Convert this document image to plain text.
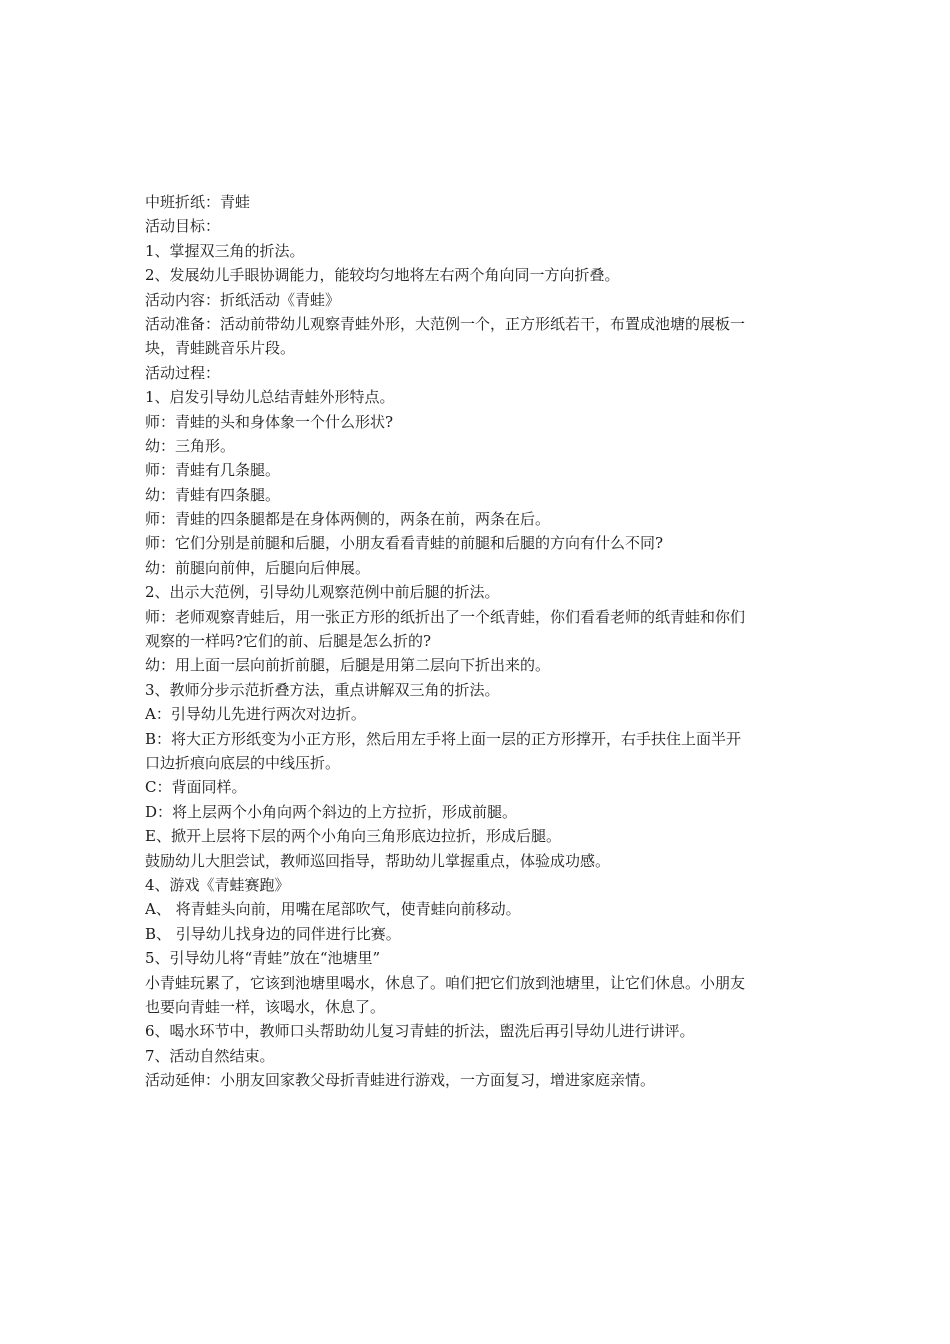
中班折纸：青蛙
活动目标：
1、掌握双三角的折法。
2、发展幼儿手眼协调能力，能较均匀地将左右两个角向同一方向折叠。
活动内容：折纸活动《青蛙》
活动准备：活动前带幼儿观察青蛙外形，大范例一个，正方形纸若干，布置成池塘的展板一
块，青蛙跳音乐片段。
活动过程：
1、启发引导幼儿总结青蛙外形特点。
师：青蛙的头和身体象一个什么形状?
幼：三角形。
师：青蛙有几条腿。
幼：青蛙有四条腿。
师：青蛙的四条腿都是在身体两侧的，两条在前，两条在后。
师：它们分别是前腿和后腿，小朋友看看青蛙的前腿和后腿的方向有什么不同?
幼：前腿向前伸，后腿向后伸展。
2、出示大范例，引导幼儿观察范例中前后腿的折法。
师：老师观察青蛙后，用一张正方形的纸折出了一个纸青蛙，你们看看老师的纸青蛙和你们
观察的一样吗?它们的前、后腿是怎么折的?
幼：用上面一层向前折前腿，后腿是用第二层向下折出来的。
3、教师分步示范折叠方法，重点讲解双三角的折法。
A：引导幼儿先进行两次对边折。
B：将大正方形纸变为小正方形，然后用左手将上面一层的正方形撑开，右手扶住上面半开
口边折痕向底层的中线压折。
C：背面同样。
D：将上层两个小角向两个斜边的上方拉折，形成前腿。
E、掀开上层将下层的两个小角向三角形底边拉折，形成后腿。
鼓励幼儿大胆尝试，教师巡回指导，帮助幼儿掌握重点，体验成功感。
4、游戏《青蛙赛跑》
A、 将青蛙头向前，用嘴在尾部吹气，使青蛙向前移动。
B、 引导幼儿找身边的同伴进行比赛。
5、引导幼儿将“青蛙”放在“池塘里”
小青蛙玩累了，它该到池塘里喝水，休息了。咱们把它们放到池塘里，让它们休息。小朋友
也要向青蛙一样，该喝水，休息了。
6、喝水环节中，教师口头帮助幼儿复习青蛙的折法，盥洗后再引导幼儿进行讲评。
7、活动自然结束。
活动延伸：小朋友回家教父母折青蛙进行游戏，一方面复习，增进家庭亲情。
